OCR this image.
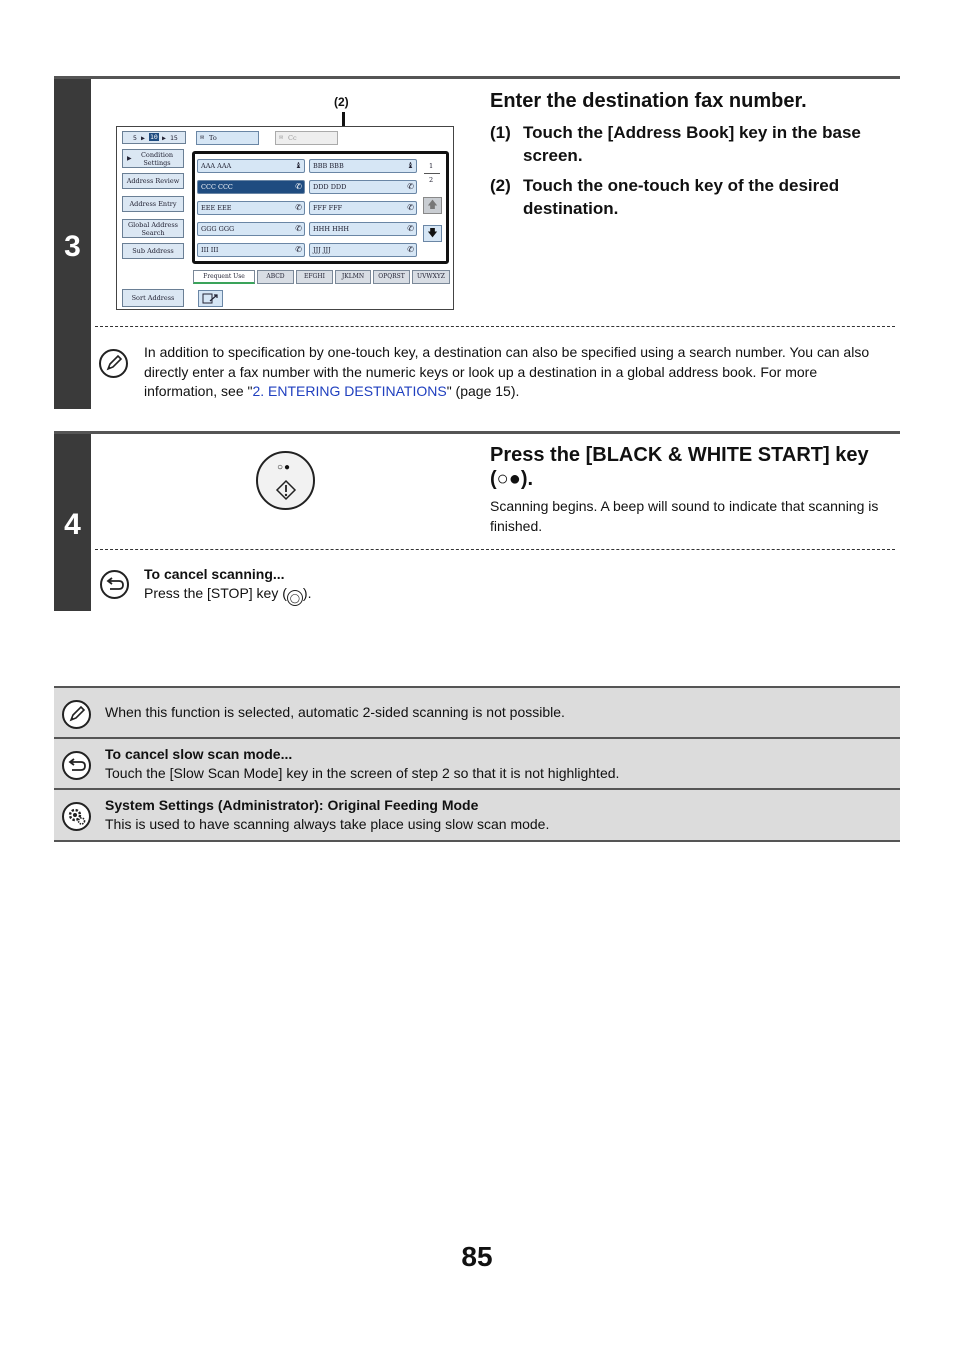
3
Enter the destination fax number.
(1) Touch the [Address Book] key in the base screen.
(2) Touch the one-touch key of the desired destination.
(2)
5 ▶ 10 ▶ 15	✉ To	✉ Cc
▶	Condition Settings
Address Review
Address Entry
Global Address Search
Sub Address
Sort Address
AAA AAA	♝	BBB BBB	♝
CCC CCC	✆	DDD DDD	✆
EEE EEE	✆	FFF FFF	✆
GGG GGG	✆	HHH HHH	✆
III III	✆	JJJ JJJ	✆
1
2
🡅
🡇
Frequent Use	ABCD	EFGHI	JKLMN	OPQRST	UVWXYZ
In addition to specification by one-touch key, a destination can also be specified using a search number. You can also directly enter a fax number with the numeric keys or look up a destination in a global address book. For more information, see "2. ENTERING DESTINATIONS" (page 15).
4
○●
Press the [BLACK & WHITE START] key
(○●).
Scanning begins. A beep will sound to indicate that scanning is finished.
To cancel scanning...
Press the [STOP] key ( ◯ ).
When this function is selected, automatic 2-sided scanning is not possible.
To cancel slow scan mode...
Touch the [Slow Scan Mode] key in the screen of step 2 so that it is not highlighted.
System Settings (Administrator): Original Feeding Mode
This is used to have scanning always take place using slow scan mode.
85
